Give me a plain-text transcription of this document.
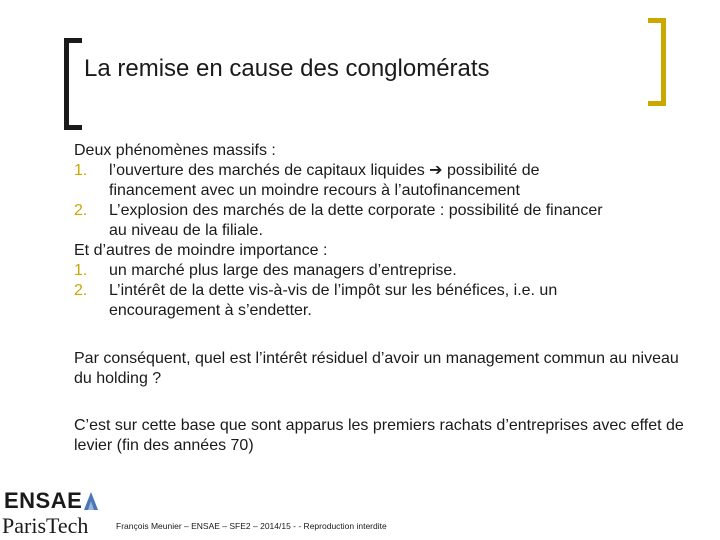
La remise en cause des conglomérats
Deux phénomènes massifs :
1. l’ouverture des marchés de capitaux liquides ➔ possibilité de
financement avec un moindre recours à l’autofinancement
2. L’explosion des marchés de la dette corporate : possibilité de financer
au niveau de la filiale.
Et d’autres de moindre importance :
1. un marché plus large des managers d’entreprise.
2. L’intérêt de la dette vis-à-vis de l’impôt sur les bénéfices, i.e. un
encouragement à s’endetter.
Par conséquent, quel est l’intérêt résiduel d’avoir un management commun au niveau du holding ?
C’est sur cette base que sont apparus les premiers rachats d’entreprises avec effet de levier (fin des années 70)
ENSAE
ParisTech	François Meunier – ENSAE – SFE2 – 2014/15 - - Reproduction interdite
